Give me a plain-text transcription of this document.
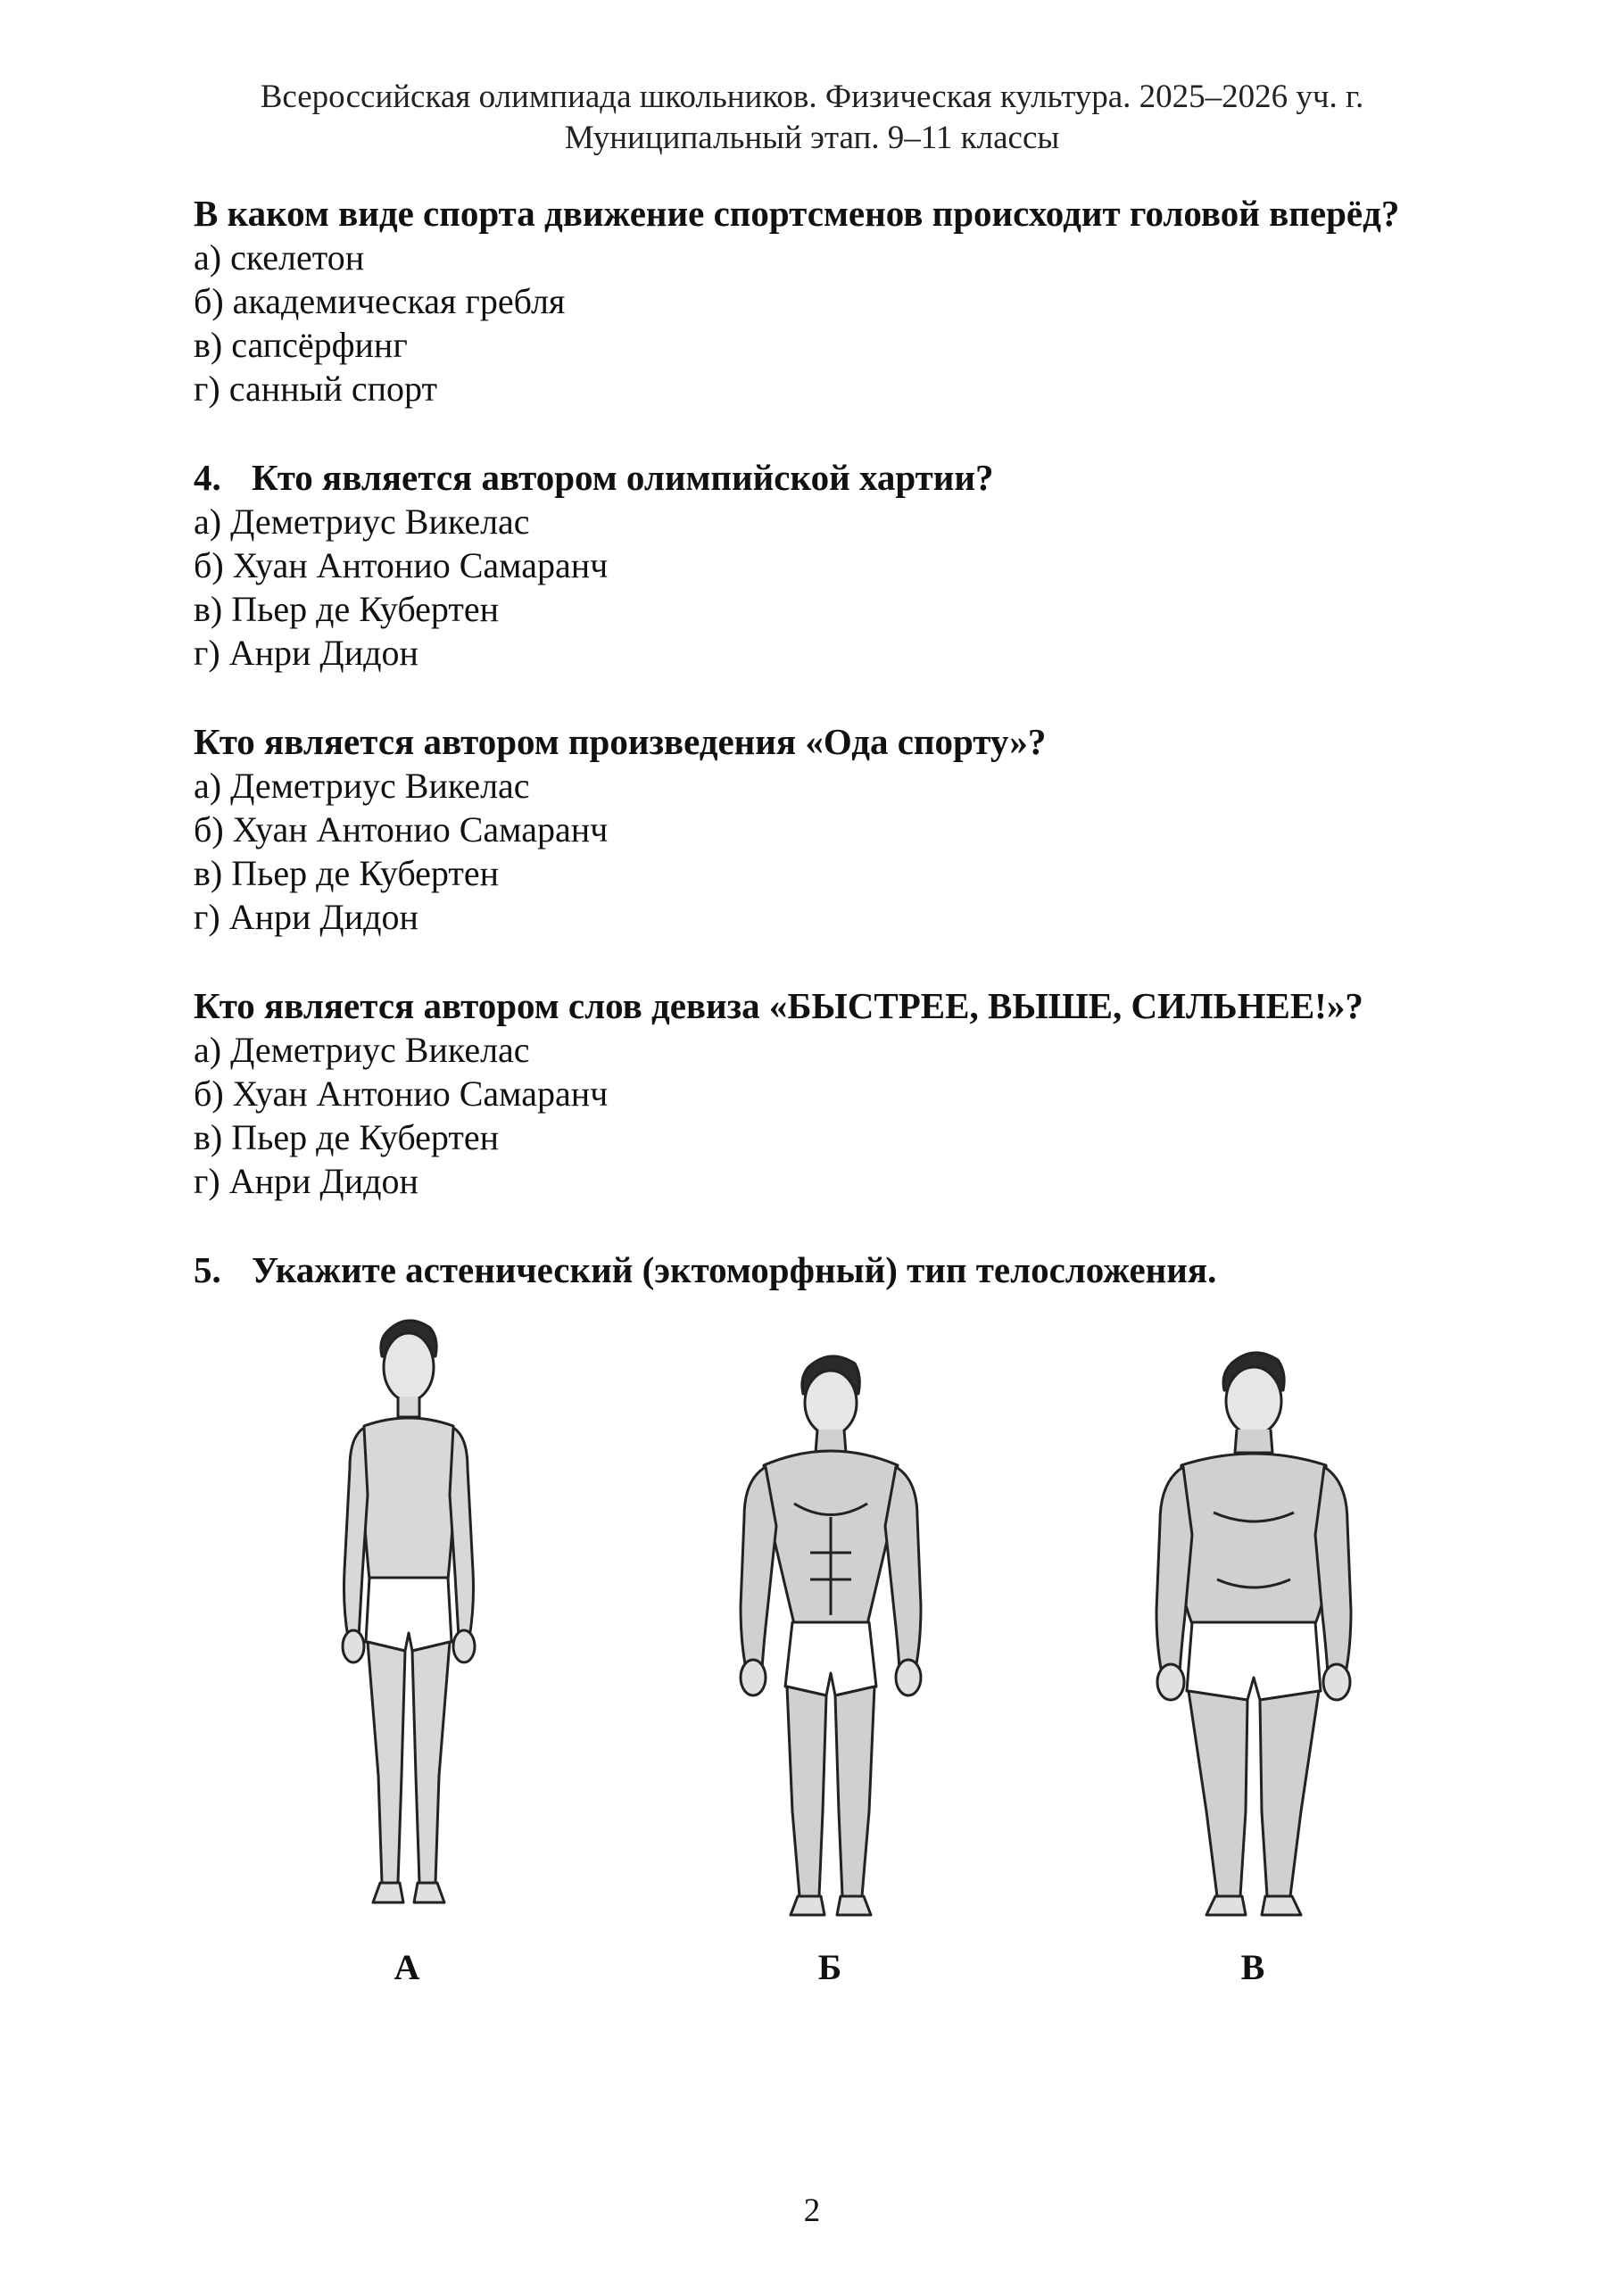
Всероссийская олимпиада школьников. Физическая культура. 2025–2026 уч. г.
Муниципальный этап. 9–11 классы
В каком виде спорта движение спортсменов происходит головой вперёд?
а) скелетон
б) академическая гребля
в) сапсёрфинг
г) санный спорт
4. Кто является автором олимпийской хартии?
а) Деметриус Викелас
б) Хуан Антонио Самаранч
в) Пьер де Кубертен
г) Анри Дидон
Кто является автором произведения «Ода спорту»?
а) Деметриус Викелас
б) Хуан Антонио Самаранч
в) Пьер де Кубертен
г) Анри Дидон
Кто является автором слов девиза «БЫСТРЕЕ, ВЫШЕ, СИЛЬНЕЕ!»?
а) Деметриус Викелас
б) Хуан Антонио Самаранч
в) Пьер де Кубертен
г) Анри Дидон
5. Укажите астенический (эктоморфный) тип телосложения.
А	Б	В
2
